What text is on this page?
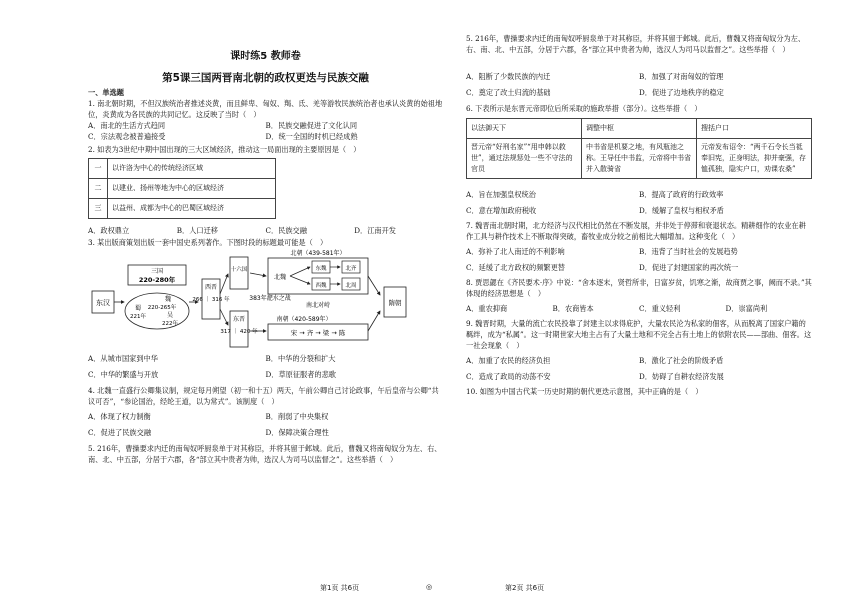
课时练5 教师卷
第5课三国两晋南北朝的政权更迭与民族交融
一、单选题

1. 南北朝时期，不但汉族统治者推述炎黄，而且鲜卑、匈奴、羯、氐、羌等游牧民族统治者也承认炎黄的始祖地位，炎黄成为各民族的共同记忆。这反映了当时（　）

A．南北的生活方式趋同	B．民族交融促进了文化认同
C．宗法观念被普遍接受	D．统一全国的时机已经成熟

2. 如表为3世纪中期中国出现的三大区域经济，推动这一局面出现的主要原因是（　）

一	以许洛为中心的传统经济区域
二	以建业、扬州等地为中心的区域经济
三	以益州、成都为中心的巴蜀区域经济
A．政权鼎立	B．人口迁移	C．民族交融	D．江南开发

3. 某出版商策划出版一套中国史系列著作。下图时段的标题最可能是（　）

东汉
三国
220-280年
魏
220-265年
蜀
221年	吴
222年
西晋
266 ｜ 316 年
十六国
东晋
317 ｜ 420 年
383年淝水之战
北朝（439-581年）
北魏
东魏
西魏
北齐
北周
南北对峙
南朝（420-589年）
宋 → 齐 → 梁 → 陈
隋朝
A．从城市国家到中华	B．中华的分裂和扩大
C．中华的繁盛与开放	D．草原征服者的悲歌

4. 北魏一直盛行公卿集议制，规定每月朔望（初一和十五）两天，午前公卿自己讨论政事，午后皇帝与公卿“共议可否”，“参论国治，经纶王道，以为常式”。该制度（　）

A．体现了权力制衡	B．削弱了中央集权
C．促进了民族交融	D．保障决策合理性

5. 216年，曹操要求内迁的南匈奴呼厨泉单于对其称臣，并将其留于邺城。此后，曹魏又将南匈奴分为左、右、南、北、中五部，分居于六郡，各“部立其中贵者为帅，选汉人为司马以监督之”。这些举措（　）

5. 216年，曹操要求内迁的南匈奴呼厨泉单于对其称臣，并将其留于邺城。此后，曹魏又将南匈奴分为左、右、南、北、中五部，分居于六郡，各“部立其中贵者为帅，选汉人为司马以监督之”。这些举措（　）

A．阻断了少数民族的内迁	B．加强了对南匈奴的管理
C．奠定了改土归流的基础	D．促进了边地秩序的稳定

6. 下表所示是东晋元帝即位后所采取的施政举措（部分）。这些举措（　）

以法御天下	调整中枢	搜括户口
晋元帝“好刑名家”“用申韩以救世”，通过法规惩处一些不守法的官员	中书省是机要之地，有风瓶池之称。王导任中书监，元帝将中书省并入散骑省	元帝发布诏令：“两千石令长当祗奉旧宪，正身明法，抑并豪强，存恤孤独，隐实户口，劝课农桑”
A．旨在加强皇权统治	B．提高了政府的行政效率
C．意在增加政府税收	D．缓解了皇权与相权矛盾

7. 魏晋南北朝时期，北方经济与汉代相比仍然在不断发展，并非处于停滞和衰退状态。精耕细作的农业在耕作工具与耕作技术上不断取得突破，畜牧业成分较之前相比大幅增加。这种变化（　）

A．弥补了北人南迁的不利影响	B．违背了当时社会的发展趋势
C．延缓了北方政权的频繁更替	D．促进了封建国家的再次统一

8. 贾思勰在《齐民要术·序》中说：“舍本逐末，贤哲所非，日富岁贫，饥寒之渐，故商贾之事，阙而不录。”其体现的经济思想是（　）

A．重农抑商	B．农商皆本	C．重义轻利	D．崇富尚利

9. 魏晋时期，大量的流亡农民投靠了封建主以求得庇护，大量农民沦为私家的佃客，从而脱离了国家户籍的羁绊，成为“私属”。这一时期世家大地主占有了大量土地和不完全占有土地上的依附农民——部曲、佃客。这一社会现象（　）

A．加重了农民的经济负担	B．激化了社会的阶级矛盾
C．造成了政局的动荡不安	D．妨碍了自耕农经济发展

10. 如图为中国古代某一历史时期的朝代更迭示意图，其中正确的是（　）

第1页 共6页	◎	第2页 共6页
